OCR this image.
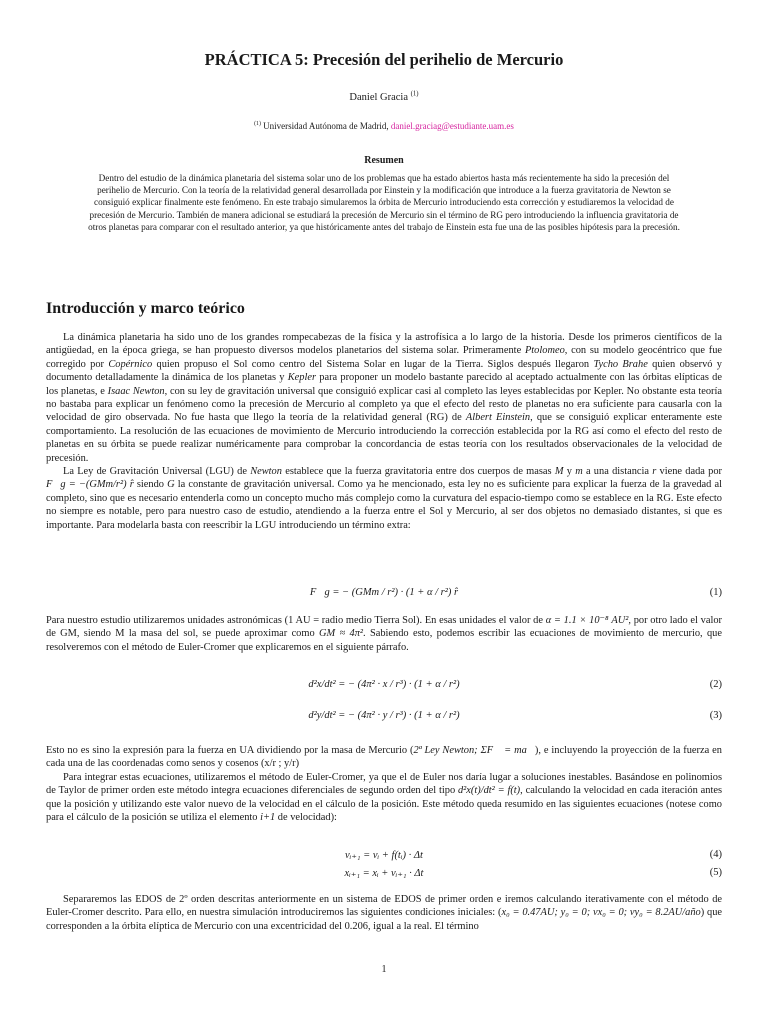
PRÁCTICA 5: Precesión del perihelio de Mercurio
Daniel Gracia $^{(1)}$
$^{(1)}$ Universidad Autónoma de Madrid, daniel.graciag@estudiante.uam.es
Resumen
Dentro del estudio de la dinámica planetaria del sistema solar uno de los problemas que ha estado abiertos hasta más recientemente ha sido la precesión del perihelio de Mercurio. Con la teoría de la relatividad general desarrollada por Einstein y la modificación que introduce a la fuerza gravitatoria de Newton se consiguió explicar finalmente este fenómeno. En este trabajo simularemos la órbita de Mercurio introduciendo esta corrección y estudiaremos la velocidad de precesión de Mercurio. También de manera adicional se estudiará la precesión de Mercurio sin el término de RG pero introduciendo la influencia gravitatoria de otros planetas para comparar con el resultado anterior, ya que históricamente antes del trabajo de Einstein esta fue una de las posibles hipótesis para la precesión.
Introducción y marco teórico

La dinámica planetaria ha sido uno de los grandes rompecabezas de la física y la astrofísica a lo largo de la historia. Desde los primeros científicos de la antigüedad, en la época griega, se han propuesto diversos modelos planetarios del sistema solar. Primeramente Ptolomeo, con su modelo geocéntrico que fue corregido por Copérnico quien propuso el Sol como centro del Sistema Solar en lugar de la Tierra. Siglos después llegaron Tycho Brahe quien observó y documento detalladamente la dinámica de los planetas y Kepler para proponer un modelo bastante parecido al aceptado actualmente con las órbitas elípticas de los planetas, e Isaac Newton, con su ley de gravitación universal que consiguió explicar casi al completo las leyes establecidas por Kepler. No obstante esta teoría no bastaba para explicar un fenómeno como la precesión de Mercurio al completo ya que el efecto del resto de planetas no era suficiente para causarla con la velocidad de giro observada. No fue hasta que llego la teoría de la relatividad general (RG) de Albert Einstein, que se consiguió explicar enteramente este comportamiento. La resolución de las ecuaciones de movimiento de Mercurio introduciendo la corrección establecida por la RG así como el efecto del resto de planetas en su órbita se puede realizar numéricamente para comprobar la concordancia de estas teoría con los resultados observacionales de la velocidad de precesión.

La Ley de Gravitación Universal (LGU) de Newton establece que la fuerza gravitatoria entre dos cuerpos de masas M y m a una distancia r viene dada por F⃗g = −(GMm/r²) r̂ siendo G la constante de gravitación universal. Como ya he mencionado, esta ley no es suficiente para explicar la fuerza de la gravedad al completo, sino que es necesario entenderla como un concepto mucho más complejo como la curvatura del espacio-tiempo como se establece en la RG. Este efecto no siempre es notable, pero para nuestro caso de estudio, atendiendo a la fuerza entre el Sol y Mercurio, al ser dos objetos no demasiado distantes, si que es importante. Para modelarla basta con reescribir la LGU introduciendo un término extra:

F⃗g = − (GMm / r²) · (1 + α / r²) r̂	(1)

Para nuestro estudio utilizaremos unidades astronómicas (1 AU = radio medio Tierra Sol). En esas unidades el valor de α = 1.1 × 10⁻⁸ AU², por otro lado el valor de GM, siendo M la masa del sol, se puede aproximar como GM ≈ 4π². Sabiendo esto, podemos escribir las ecuaciones de movimiento de mercurio, que resolveremos con el método de Euler-Cromer que explicaremos en el siguiente párrafo.

d²x/dt² = − (4π² · x / r³) · (1 + α / r²)	(2)
d²y/dt² = − (4π² · y / r³) · (1 + α / r²)	(3)

Esto no es sino la expresión para la fuerza en UA dividiendo por la masa de Mercurio (2ª Ley Newton; ΣF⃗ = ma⃗), e incluyendo la proyección de la fuerza en cada una de las coordenadas como senos y cosenos (x/r ; y/r)

Para integrar estas ecuaciones, utilizaremos el método de Euler-Cromer, ya que el de Euler nos daría lugar a soluciones inestables. Basándose en polinomios de Taylor de primer orden este método integra ecuaciones diferenciales de segundo orden del tipo d²x(t)/dt² = f(t), calculando la velocidad en cada iteración antes que la posición y utilizando este valor nuevo de la velocidad en el cálculo de la posición. Este método queda resumido en las siguientes ecuaciones (notese como para el cálculo de la posición se utiliza el elemento i+1 de velocidad):

vᵢ₊₁ = vᵢ + f(tᵢ) · Δt	(4)
xᵢ₊₁ = xᵢ + vᵢ₊₁ · Δt	(5)

Separaremos las EDOS de 2º orden descritas anteriormente en un sistema de EDOS de primer orden e iremos calculando iterativamente con el método de Euler-Cromer descrito. Para ello, en nuestra simulación introduciremos las siguientes condiciones iniciales: (x₀ = 0.47AU; y₀ = 0; vx₀ = 0; vy₀ = 8.2AU/año) que corresponden a la órbita elíptica de Mercurio con una excentricidad del 0.206, igual a la real. El término

1
